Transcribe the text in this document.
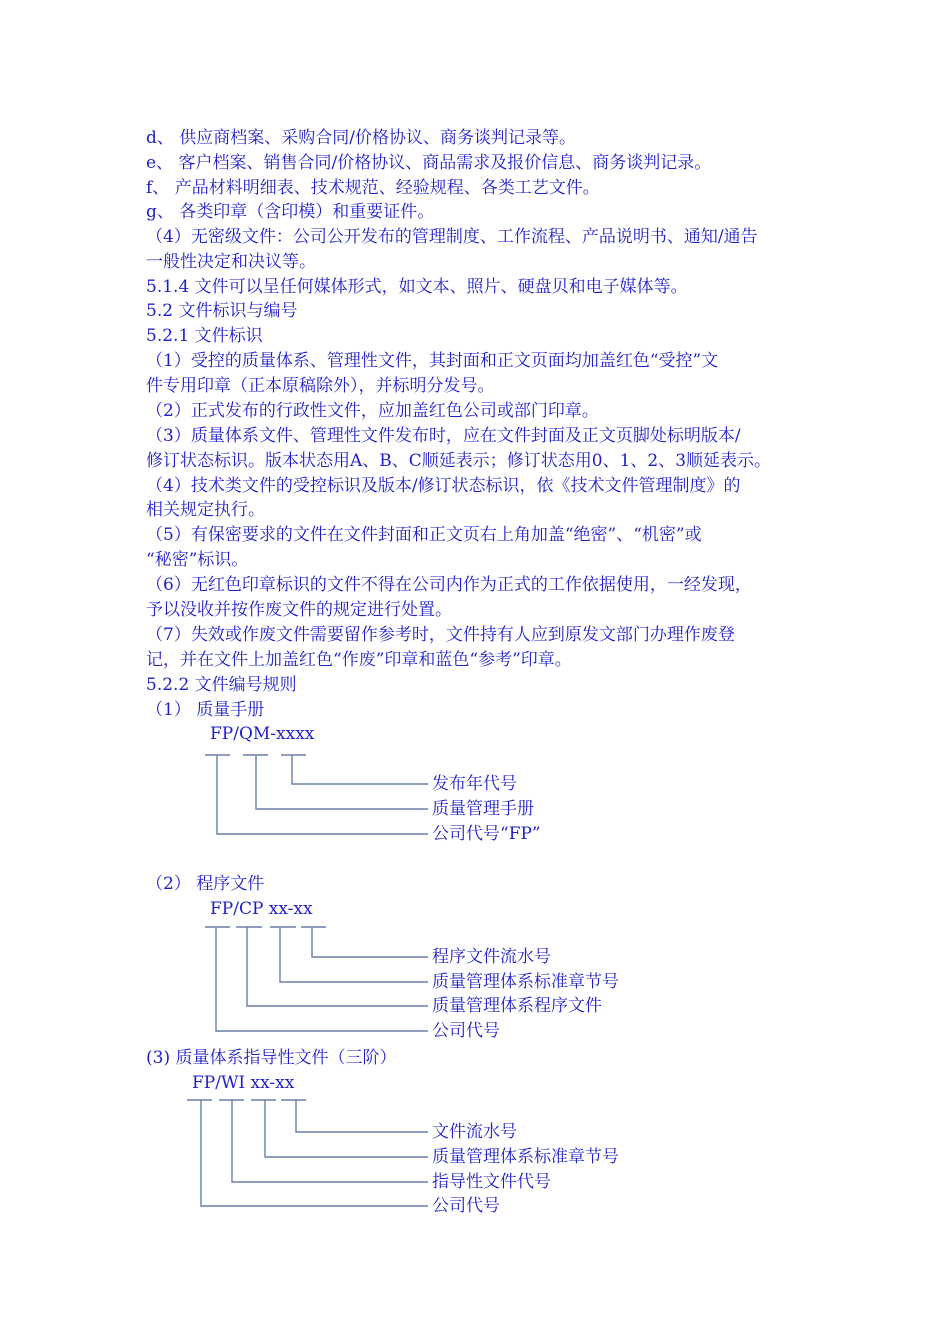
d、 供应商档案、采购合同/价格协议、商务谈判记录等。
e、 客户档案、销售合同/价格协议、商品需求及报价信息、商务谈判记录。
f、 产品材料明细表、技术规范、经验规程、各类工艺文件。
g、 各类印章（含印模）和重要证件。
（4）无密级文件：公司公开发布的管理制度、工作流程、产品说明书、通知/通告
一般性决定和决议等。
5.1.4 文件可以呈任何媒体形式，如文本、照片、硬盘贝和电子媒体等。
5.2 文件标识与编号
5.2.1 文件标识
（1）受控的质量体系、管理性文件，其封面和正文页面均加盖红色“受控”文
件专用印章（正本原稿除外），并标明分发号。
（2）正式发布的行政性文件，应加盖红色公司或部门印章。
（3）质量体系文件、管理性文件发布时，应在文件封面及正文页脚处标明版本/
修订状态标识。版本状态用A、B、C顺延表示；修订状态用0、1、2、3顺延表示。
（4）技术类文件的受控标识及版本/修订状态标识，依《技术文件管理制度》的
相关规定执行。
（5）有保密要求的文件在文件封面和正文页右上角加盖“绝密”、“机密”或
“秘密”标识。
（6）无红色印章标识的文件不得在公司内作为正式的工作依据使用，一经发现，
予以没收并按作废文件的规定进行处置。
（7）失效或作废文件需要留作参考时，文件持有人应到原发文部门办理作废登
记，并在文件上加盖红色“作废”印章和蓝色“参考”印章。
5.2.2 文件编号规则
（1） 质量手册
FP/QM-xxxx
发布年代号
质量管理手册
公司代号“FP”
（2） 程序文件
FP/CP xx-xx
程序文件流水号
质量管理体系标准章节号
质量管理体系程序文件
公司代号
(3) 质量体系指导性文件（三阶）
FP/WI xx-xx
文件流水号
质量管理体系标准章节号
指导性文件代号
公司代号
